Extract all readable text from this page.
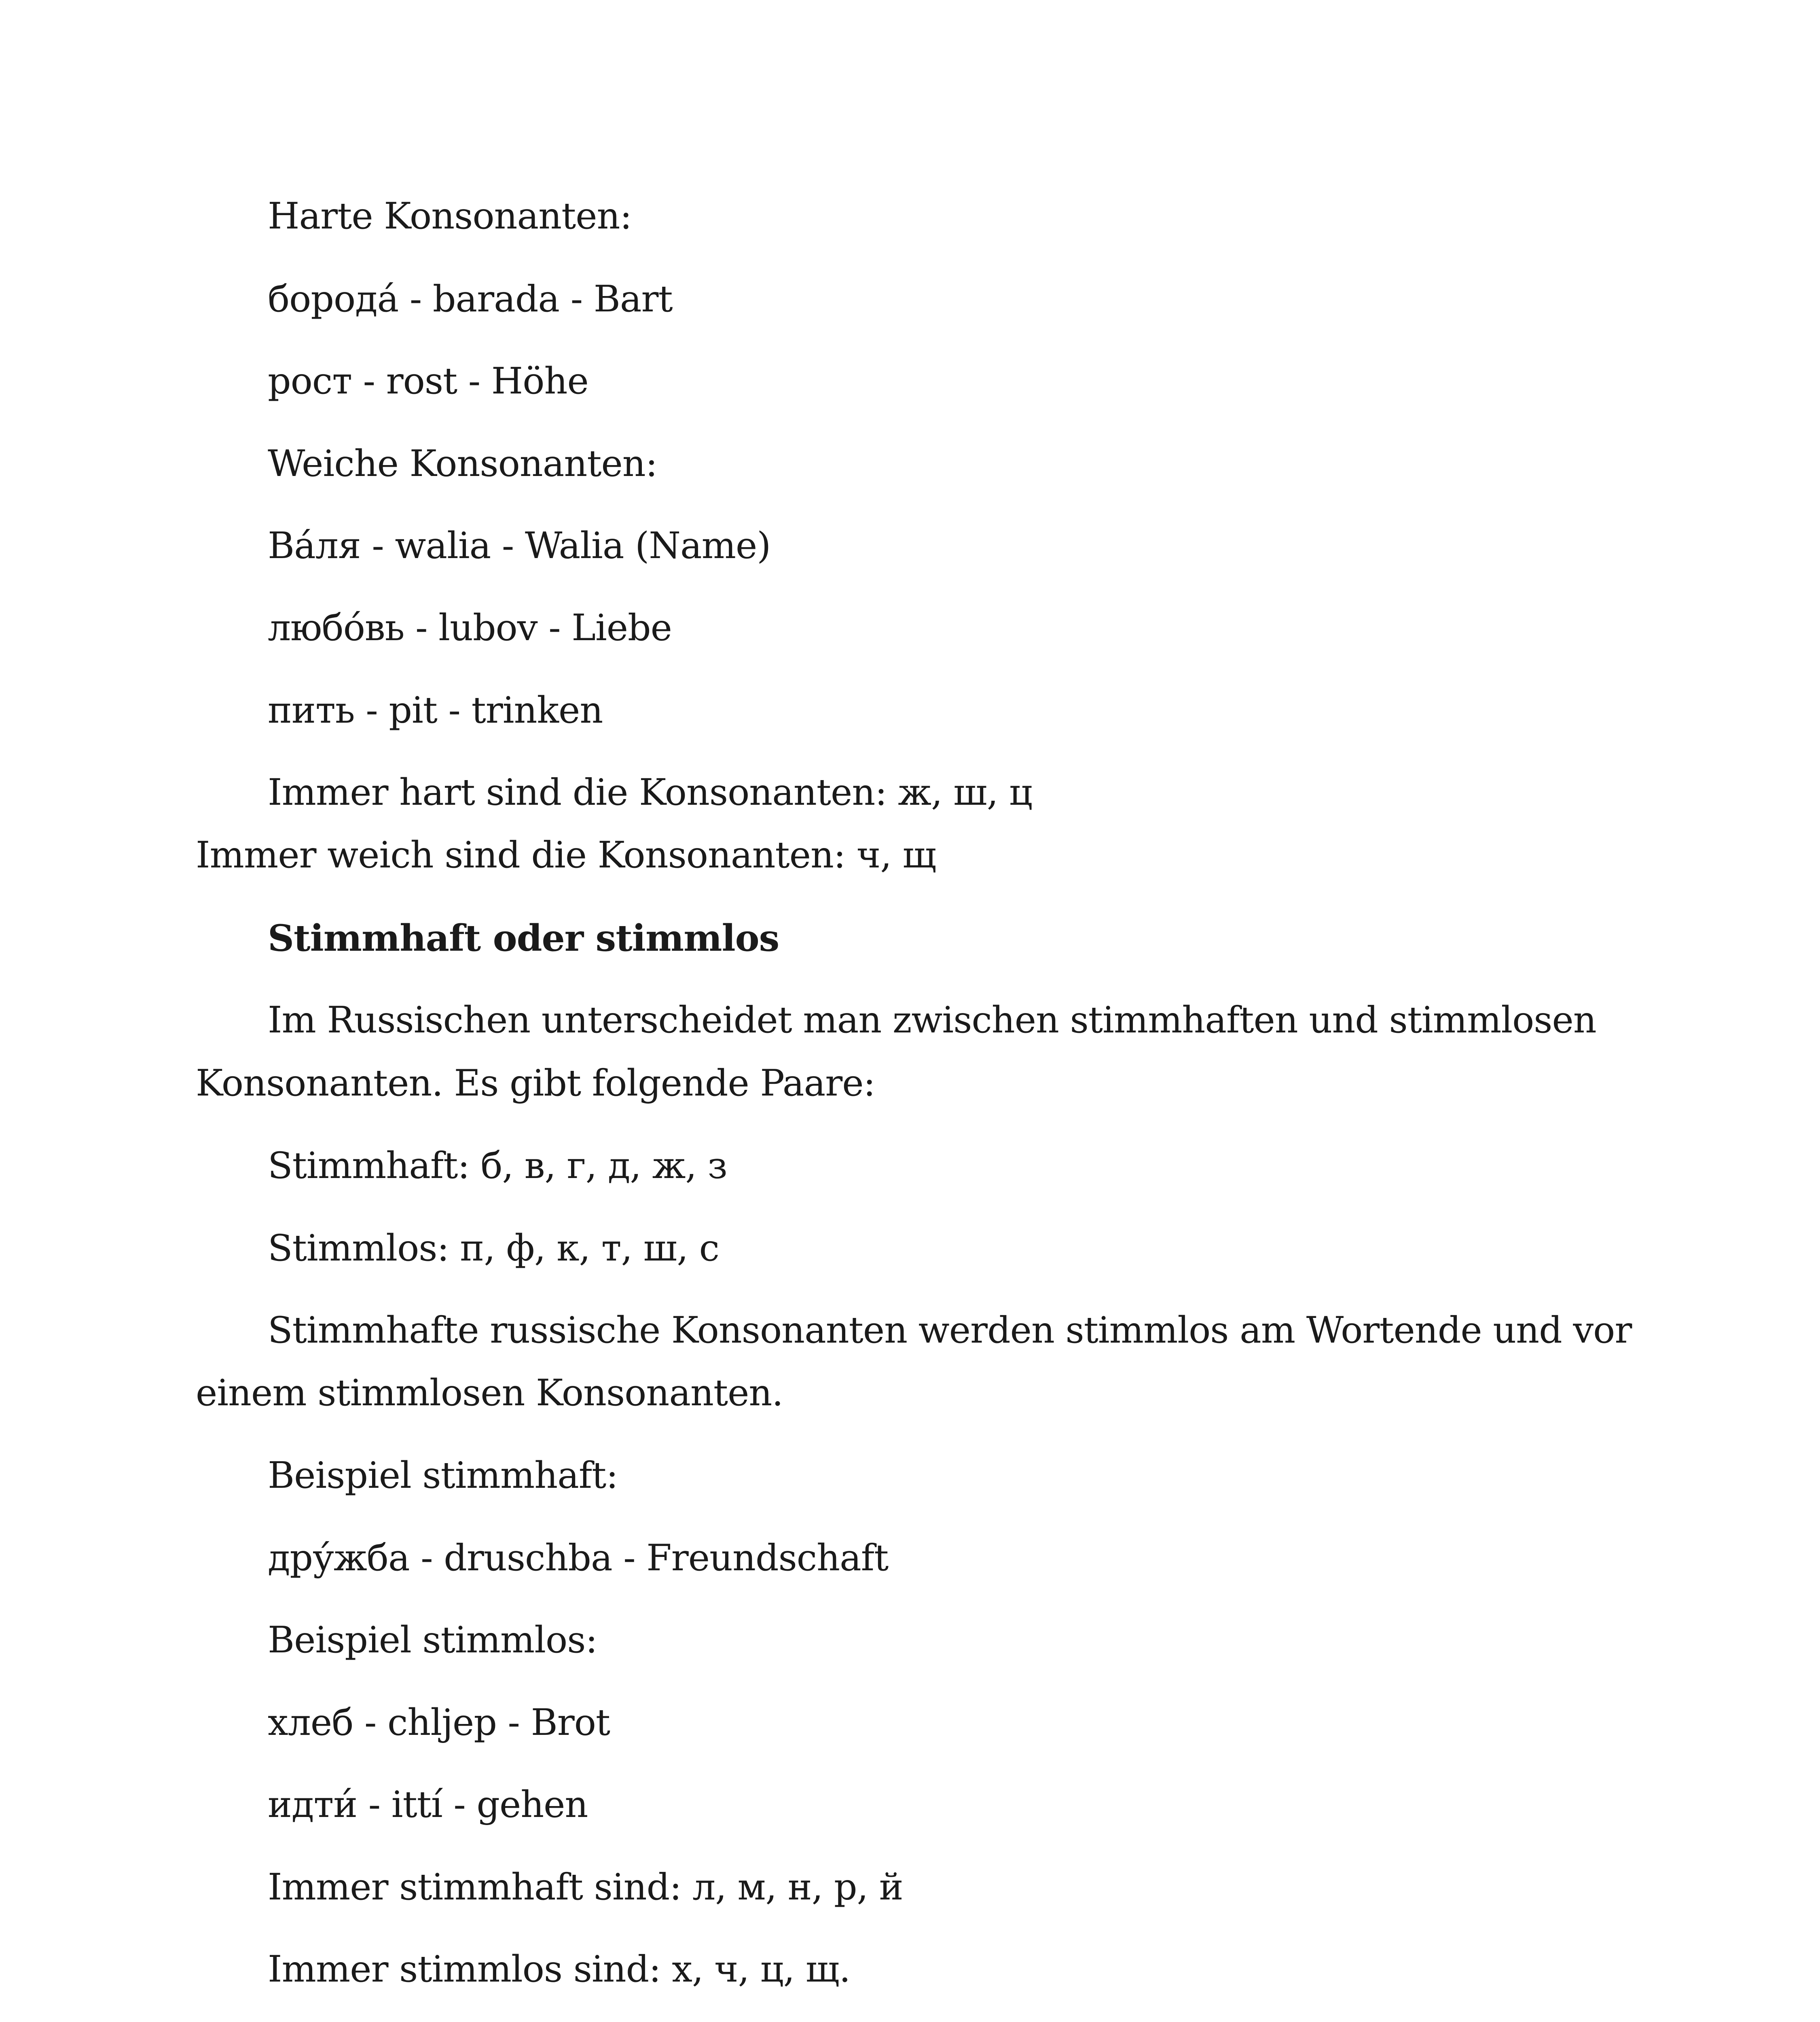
Harte Konsonanten:
борода́ - barada - Bart
рост - rost - Höhe
Weiche Konsonanten:
Ва́ля - walia - Walia (Name)
любо́вь - lubov - Liebe
пить - pit - trinken
Immer hart sind die Konsonanten: ж, ш, ц
Immer weich sind die Konsonanten: ч, щ
Stimmhaft oder stimmlos
Im Russischen unterscheidet man zwischen stimmhaften und stimmlosen
Konsonanten. Es gibt folgende Paare:
Stimmhaft: б, в, г, д, ж, з
Stimmlos: п, ф, к, т, ш, с
Stimmhafte russische Konsonanten werden stimmlos am Wortende und vor
einem stimmlosen Konsonanten.
Beispiel stimmhaft:
дру́жба - druschba - Freundschaft
Beispiel stimmlos:
хлеб - chljep - Brot
идти́ - ittí - gehen
Immer stimmhaft sind: л, м, н, р, й
Immer stimmlos sind: х, ч, ц, щ.
